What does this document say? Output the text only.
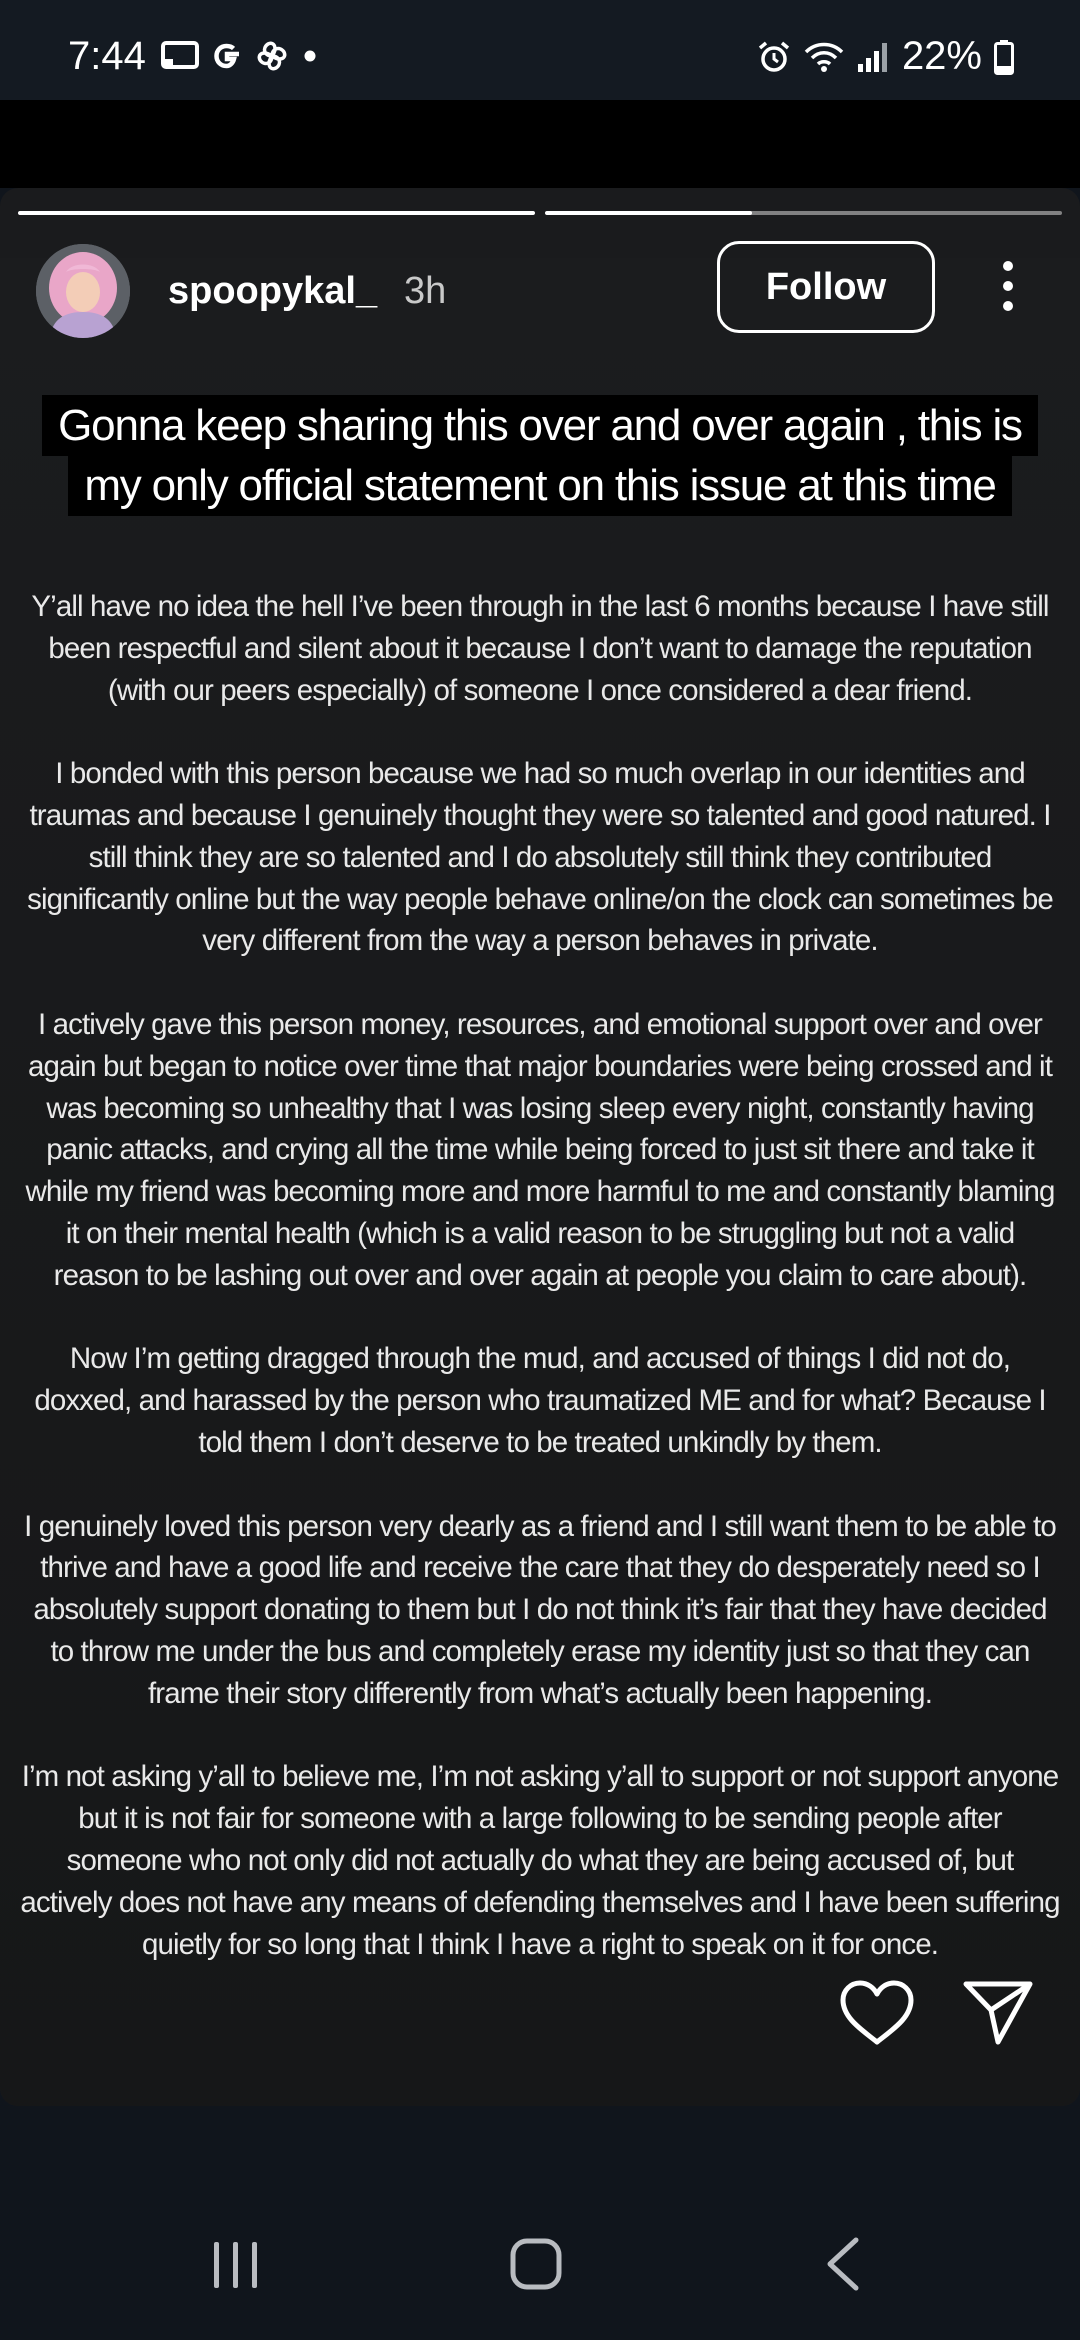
7:44	22%
spoopykal_ 3h	Follow
Gonna keep sharing this over and over again , this is my only official statement on this issue at this time

Y’all have no idea the hell I’ve been through in the last 6 months because I have still been respectful and silent about it because I don’t want to damage the reputation (with our peers especially) of someone I once considered a dear friend.

I bonded with this person because we had so much overlap in our identities and traumas and because I genuinely thought they were so talented and good natured. I still think they are so talented and I do absolutely still think they contributed significantly online but the way people behave online/on the clock can sometimes be very different from the way a person behaves in private.

I actively gave this person money, resources, and emotional support over and over again but began to notice over time that major boundaries were being crossed and it was becoming so unhealthy that I was losing sleep every night, constantly having panic attacks, and crying all the time while being forced to just sit there and take it while my friend was becoming more and more harmful to me and constantly blaming it on their mental health (which is a valid reason to be struggling but not a valid reason to be lashing out over and over again at people you claim to care about).

Now I’m getting dragged through the mud, and accused of things I did not do, doxxed, and harassed by the person who traumatized ME and for what? Because I told them I don’t deserve to be treated unkindly by them.

I genuinely loved this person very dearly as a friend and I still want them to be able to thrive and have a good life and receive the care that they do desperately need so I absolutely support donating to them but I do not think it’s fair that they have decided to throw me under the bus and completely erase my identity just so that they can frame their story differently from what’s actually been happening.

I’m not asking y’all to believe me, I’m not asking y’all to support or not support anyone but it is not fair for someone with a large following to be sending people after someone who not only did not actually do what they are being accused of, but actively does not have any means of defending themselves and I have been suffering quietly for so long that I think I have a right to speak on it for once.
